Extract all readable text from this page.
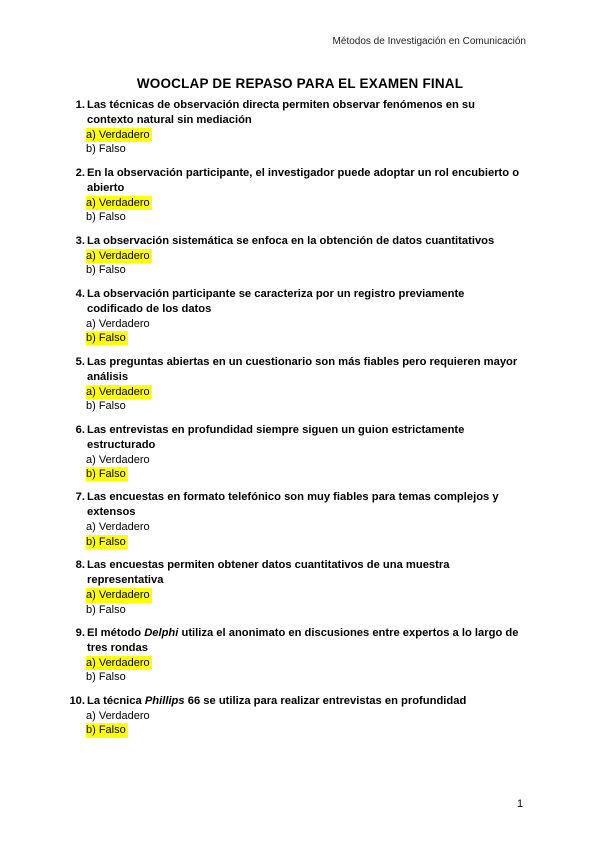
Métodos de Investigación en Comunicación
WOOCLAP DE REPASO PARA EL EXAMEN FINAL
1. Las técnicas de observación directa permiten observar fenómenos en su contexto natural sin mediación
a) Verdadero
b) Falso
2. En la observación participante, el investigador puede adoptar un rol encubierto o abierto
a) Verdadero
b) Falso
3. La observación sistemática se enfoca en la obtención de datos cuantitativos
a) Verdadero
b) Falso
4. La observación participante se caracteriza por un registro previamente codificado de los datos
a) Verdadero
b) Falso
5. Las preguntas abiertas en un cuestionario son más fiables pero requieren mayor análisis
a) Verdadero
b) Falso
6. Las entrevistas en profundidad siempre siguen un guion estrictamente estructurado
a) Verdadero
b) Falso
7. Las encuestas en formato telefónico son muy fiables para temas complejos y extensos
a) Verdadero
b) Falso
8. Las encuestas permiten obtener datos cuantitativos de una muestra representativa
a) Verdadero
b) Falso
9. El método Delphi utiliza el anonimato en discusiones entre expertos a lo largo de tres rondas
a) Verdadero
b) Falso
10. La técnica Phillips 66 se utiliza para realizar entrevistas en profundidad
a) Verdadero
b) Falso
1
